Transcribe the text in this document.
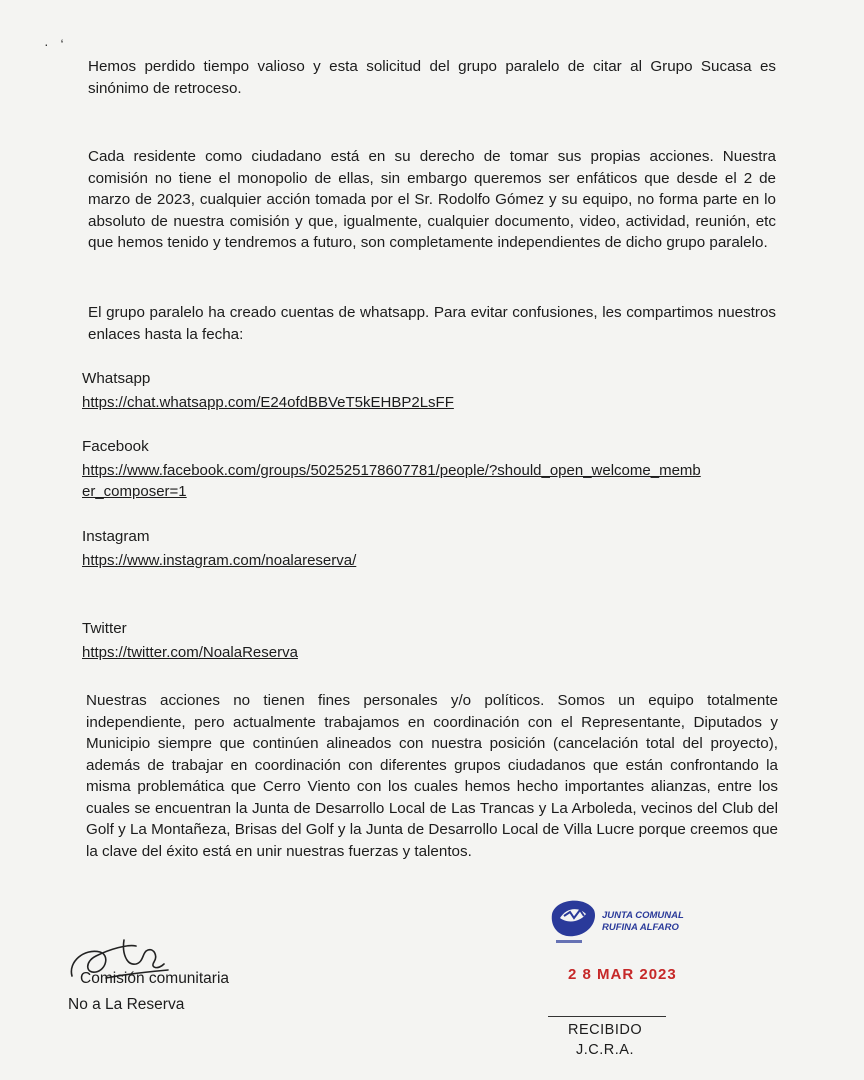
· ‘

Hemos perdido tiempo valioso y esta solicitud del grupo paralelo de citar al Grupo Sucasa es sinónimo de retroceso.

Cada residente como ciudadano está en su derecho de tomar sus propias acciones. Nuestra comisión no tiene el monopolio de ellas, sin embargo queremos ser enfáticos que desde el 2 de marzo de 2023, cualquier acción tomada por el Sr. Rodolfo Gómez y su equipo, no forma parte en lo absoluto de nuestra comisión y que, igualmente, cualquier documento, video, actividad, reunión, etc que hemos tenido y tendremos a futuro, son completamente independientes de dicho grupo paralelo.

El grupo paralelo ha creado cuentas de whatsapp. Para evitar confusiones, les compartimos nuestros enlaces hasta la fecha:

Whatsapp

https://chat.whatsapp.com/E24ofdBBVeT5kEHBP2LsFF

Facebook

https://www.facebook.com/groups/502525178607781/people/?should_open_welcome_memb
er_composer=1

Instagram

https://www.instagram.com/noalareserva/

Twitter

https://twitter.com/NoalaReserva

Nuestras acciones no tienen fines personales y/o políticos. Somos un equipo totalmente independiente, pero actualmente trabajamos en coordinación con el Representante, Diputados y Municipio siempre que continúen alineados con nuestra posición (cancelación total del proyecto), además de trabajar en coordinación con diferentes grupos ciudadanos que están confrontando la misma problemática que Cerro Viento con los cuales hemos hecho importantes alianzas, entre los cuales se encuentran la Junta de Desarrollo Local de Las Trancas y La Arboleda, vecinos del Club del Golf y La Montañeza, Brisas del Golf y la Junta de Desarrollo Local de Villa Lucre porque creemos que la clave del éxito está en unir nuestras fuerzas y talentos.

Comisión comunitaria
No a La Reserva
JUNTA COMUNAL
RUFINA ALFARO
2 8 MAR 2023
RECIBIDO
J.C.R.A.
